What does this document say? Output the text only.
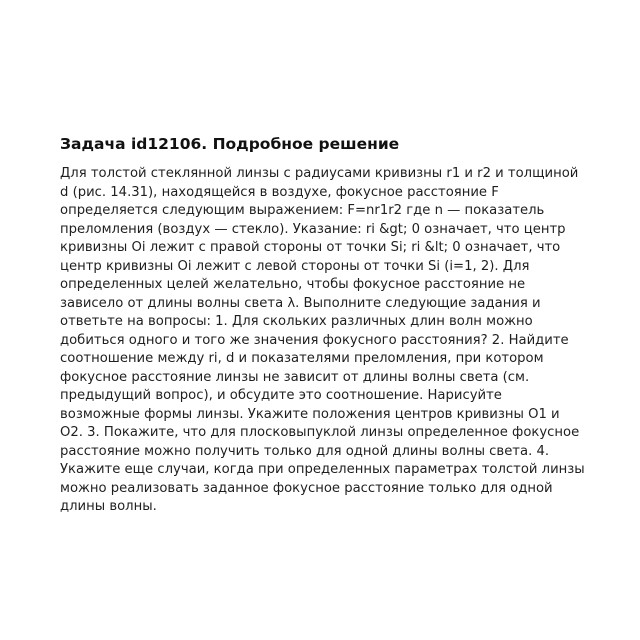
Задача id12106. Подробное решение

Для толстой стеклянной линзы с радиусами кривизны r1 и r2 и толщиной d (рис. 14.31), находящейся в воздухе, фокусное расстояние F определяется следующим выражением: F=nr1r2 где n — показатель преломления (воздух — стекло). Указание: ri &gt; 0 означает, что центр кривизны Oi лежит с правой стороны от точки Si; ri &lt; 0 означает, что центр кривизны Oi лежит с левой стороны от точки Si (i=1, 2). Для определенных целей желательно, чтобы фокусное расстояние не зависело от длины волны света λ. Выполните следующие задания и ответьте на вопросы: 1. Для скольких различных длин волн можно добиться одного и того же значения фокусного расстояния? 2. Найдите соотношение между ri, d и показателями преломления, при котором фокусное расстояние линзы не зависит от длины волны света (см. предыдущий вопрос), и обсудите это соотношение. Нарисуйте возможные формы линзы. Укажите положения центров кривизны O1 и O2. 3. Покажите, что для плосковыпуклой линзы определенное фокусное расстояние можно получить только для одной длины волны света. 4. Укажите еще случаи, когда при определенных параметрах толстой линзы можно реализовать заданное фокусное расстояние только для одной длины волны.
